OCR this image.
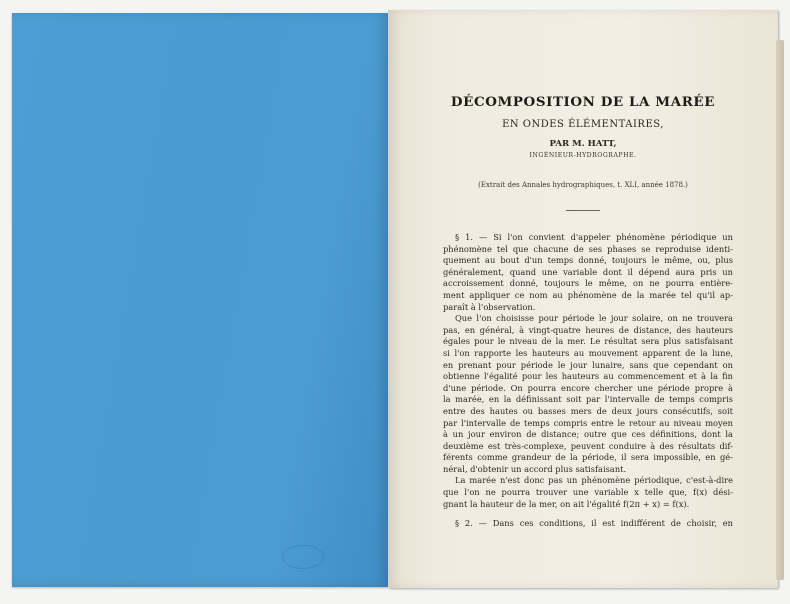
DÉCOMPOSITION DE LA MARÉE
EN ONDES ÉLÉMENTAIRES,
PAR M. HATT,
INGÉNIEUR-HYDROGRAPHE.
(Extrait des Annales hydrographiques, t. XLI, année 1878.)
§ 1. — Si l'on convient d'appeler phénomène périodique un
phénomène tel que chacune de ses phases se reproduise identi-
quement au bout d'un temps donné, toujours le même, ou, plus
généralement, quand une variable dont il dépend aura pris un
accroissement donné, toujours le même, on ne pourra entière-
ment appliquer ce nom au phénomène de la marée tel qu'il ap-
paraît à l'observation.
Que l'on choisisse pour période le jour solaire, on ne trouvera
pas, en général, à vingt-quatre heures de distance, des hauteurs
égales pour le niveau de la mer. Le résultat sera plus satisfaisant
si l'on rapporte les hauteurs au mouvement apparent de la lune,
en prenant pour période le jour lunaire, sans que cependant on
obtienne l'égalité pour les hauteurs au commencement et à la fin
d'une période. On pourra encore chercher une période propre à
la marée, en la définissant soit par l'intervalle de temps compris
entre des hautes ou basses mers de deux jours consécutifs, soit
par l'intervalle de temps compris entre le retour au niveau moyen
à un jour environ de distance; outre que ces définitions, dont la
deuxième est très-complexe, peuvent conduire à des résultats dif-
férents comme grandeur de la période, il sera impossible, en gé-
néral, d'obtenir un accord plus satisfaisant.
La marée n'est donc pas un phénomène périodique, c'est-à-dire
que l'on ne pourra trouver une variable x telle que, f(x) dési-
gnant la hauteur de la mer, on ait l'égalité f(2π + x) = f(x).
§ 2. — Dans ces conditions, il est indifférent de choisir, en
